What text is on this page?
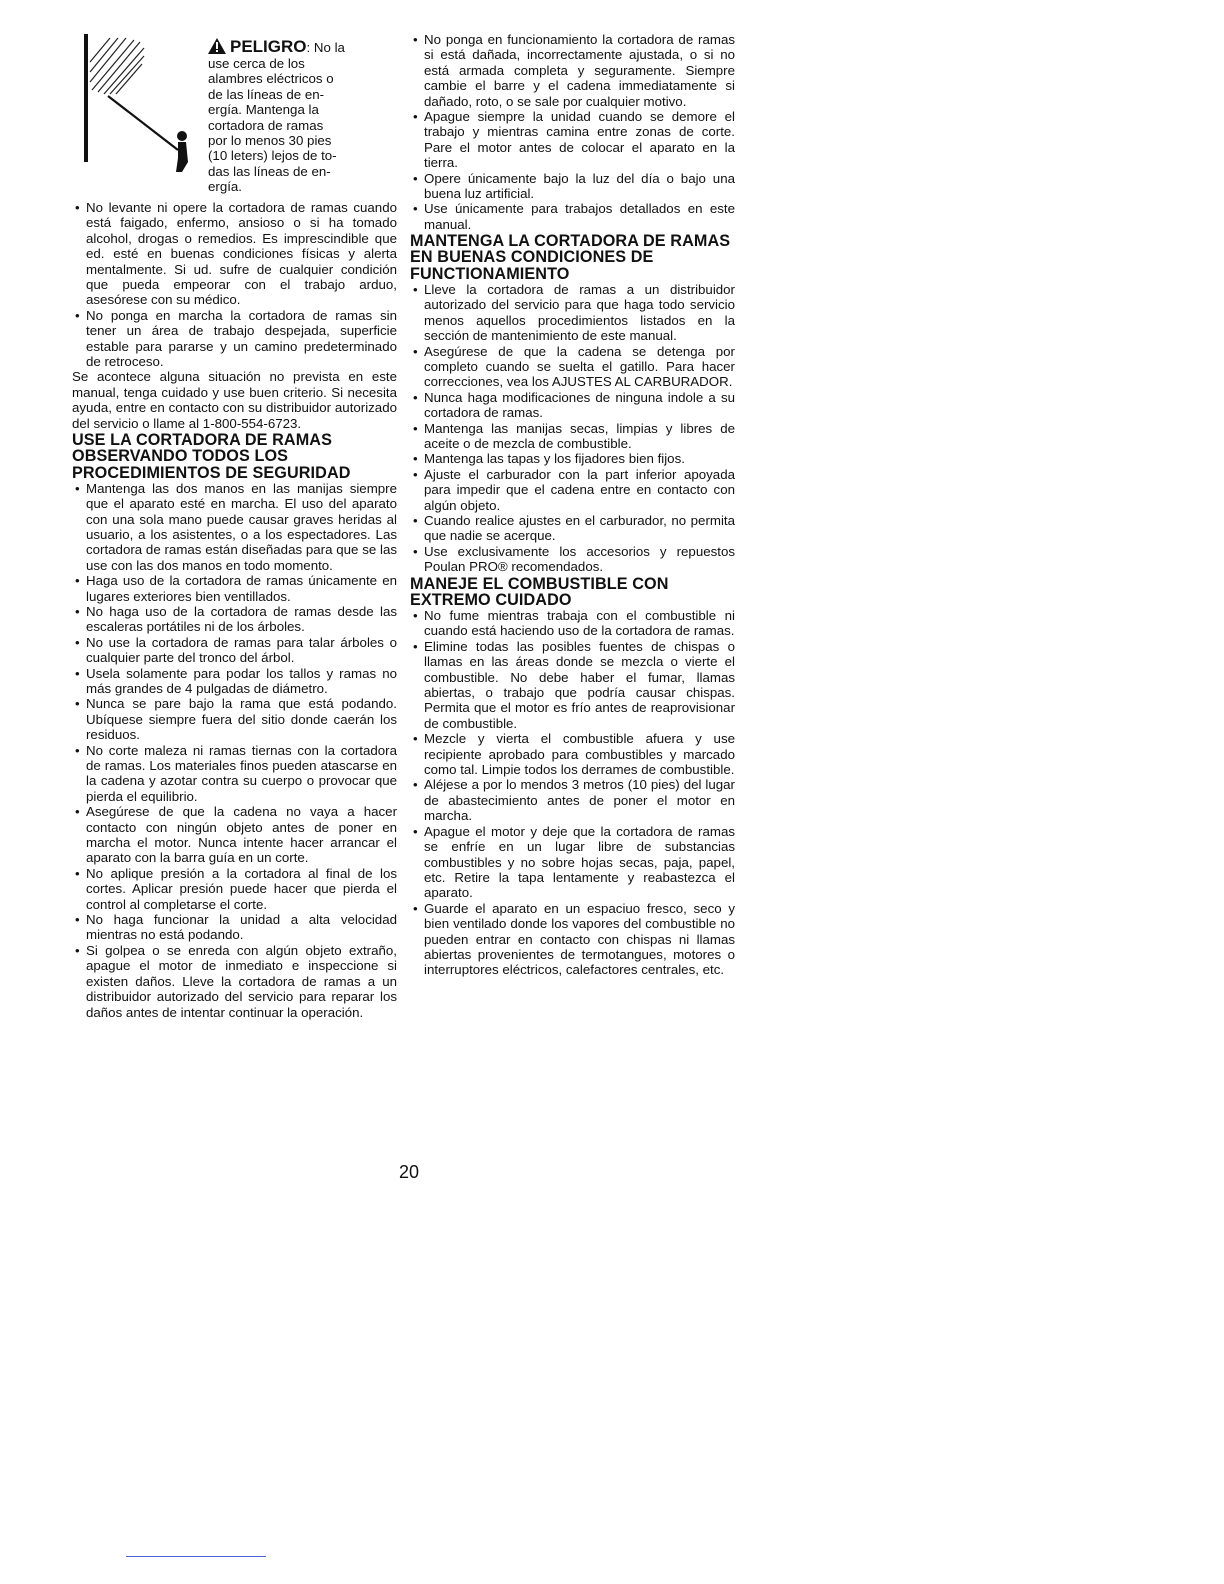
PELIGRO: No la
use cerca de los
alambres eléctricos o
de las líneas de en-
ergía. Mantenga la
cortadora de ramas
por lo menos 30 pies
(10 leters) lejos de to-
das las líneas de en-
ergía.
• No levante ni opere la cortadora de ramas cuando está faigado, enfermo, ansioso o si ha tomado alcohol, drogas o remedios. Es imprescindible que ed. esté en buenas condiciones físicas y alerta mentalmente. Si ud. sufre de cualquier condición que pueda empeorar con el trabajo arduo, asesórese con su médico.
• No ponga en marcha la cortadora de ramas sin tener un área de trabajo despejada, superficie estable para pararse y un camino predeterminado de retroceso.

Se acontece alguna situación no prevista en este manual, tenga cuidado y use buen criterio. Si necesita ayuda, entre en contacto con su distribuidor autorizado del servicio o llame al 1-800-554-6723.

USE LA CORTADORA DE RAMAS OBSERVANDO TODOS LOS PROCEDIMIENTOS DE SEGURIDAD
• Mantenga las dos manos en las manijas siempre que el aparato esté en marcha. El uso del aparato con una sola mano puede causar graves heridas al usuario, a los asistentes, o a los espectadores. Las cortadora de ramas están diseñadas para que se las use con las dos manos en todo momento.
• Haga uso de la cortadora de ramas únicamente en lugares exteriores bien ventillados.
• No haga uso de la cortadora de ramas desde las escaleras portátiles ni de los árboles.
• No use la cortadora de ramas para talar árboles o cualquier parte del tronco del árbol.
• Usela solamente para podar los tallos y ramas no más grandes de 4 pulgadas de diámetro.
• Nunca se pare bajo la rama que está podando. Ubíquese siempre fuera del sitio donde caerán los residuos.
• No corte maleza ni ramas tiernas con la cortadora de ramas. Los materiales finos pueden atascarse en la cadena y azotar contra su cuerpo o provocar que pierda el equilibrio.
• Asegúrese de que la cadena no vaya a hacer contacto con ningún objeto antes de poner en marcha el motor. Nunca intente hacer arrancar el aparato con la barra guía en un corte.
• No aplique presión a la cortadora al final de los cortes. Aplicar presión puede hacer que pierda el control al completarse el corte.
• No haga funcionar la unidad a alta velocidad mientras no está podando.
• Si golpea o se enreda con algún objeto extraño, apague el motor de inmediato e inspeccione si existen daños. Lleve la cortadora de ramas a un distribuidor autorizado del servicio para reparar los daños antes de intentar continuar la operación.
• No ponga en funcionamiento la cortadora de ramas si está dañada, incorrectamente ajustada, o si no está armada completa y seguramente. Siempre cambie el barre y el cadena immediatamente si dañado, roto, o se sale por cualquier motivo.
• Apague siempre la unidad cuando se demore el trabajo y mientras camina entre zonas de corte. Pare el motor antes de colocar el aparato en la tierra.
• Opere únicamente bajo la luz del día o bajo una buena luz artificial.
• Use únicamente para trabajos detallados en este manual.
MANTENGA LA CORTADORA DE RAMAS EN BUENAS CONDICIONES DE FUNCTIONAMIENTO
• Lleve la cortadora de ramas a un distribuidor autorizado del servicio para que haga todo servicio menos aquellos procedimientos listados en la sección de mantenimiento de este manual.
• Asegúrese de que la cadena se detenga por completo cuando se suelta el gatillo. Para hacer correcciones, vea los AJUSTES AL CARBURADOR.
• Nunca haga modificaciones de ninguna indole a su cortadora de ramas.
• Mantenga las manijas secas, limpias y libres de aceite o de mezcla de combustible.
• Mantenga las tapas y los fijadores bien fijos.
• Ajuste el carburador con la part inferior apoyada para impedir que el cadena entre en contacto con algún objeto.
• Cuando realice ajustes en el carburador, no permita que nadie se acerque.
• Use exclusivamente los accesorios y repuestos Poulan PRO® recomendados.
MANEJE EL COMBUSTIBLE CON EXTREMO CUIDADO
• No fume mientras trabaja con el combustible ni cuando está haciendo uso de la cortadora de ramas.
• Elimine todas las posibles fuentes de chispas o llamas en las áreas donde se mezcla o vierte el combustible. No debe haber el fumar, llamas abiertas, o trabajo que podría causar chispas. Permita que el motor es frío antes de reaprovisionar de combustible.
• Mezcle y vierta el combustible afuera y use recipiente aprobado para combustibles y marcado como tal. Limpie todos los derrames de combustible.
• Aléjese a por lo mendos 3 metros (10 pies) del lugar de abastecimiento antes de poner el motor en marcha.
• Apague el motor y deje que la cortadora de ramas se enfríe en un lugar libre de substancias combustibles y no sobre hojas secas, paja, papel, etc. Retire la tapa lentamente y reabastezca el aparato.
• Guarde el aparato en un espaciuo fresco, seco y bien ventilado donde los vapores del combustible no pueden entrar en contacto con chispas ni llamas abiertas provenientes de termotangues, motores o interruptores eléctricos, calefactores centrales, etc.
20
